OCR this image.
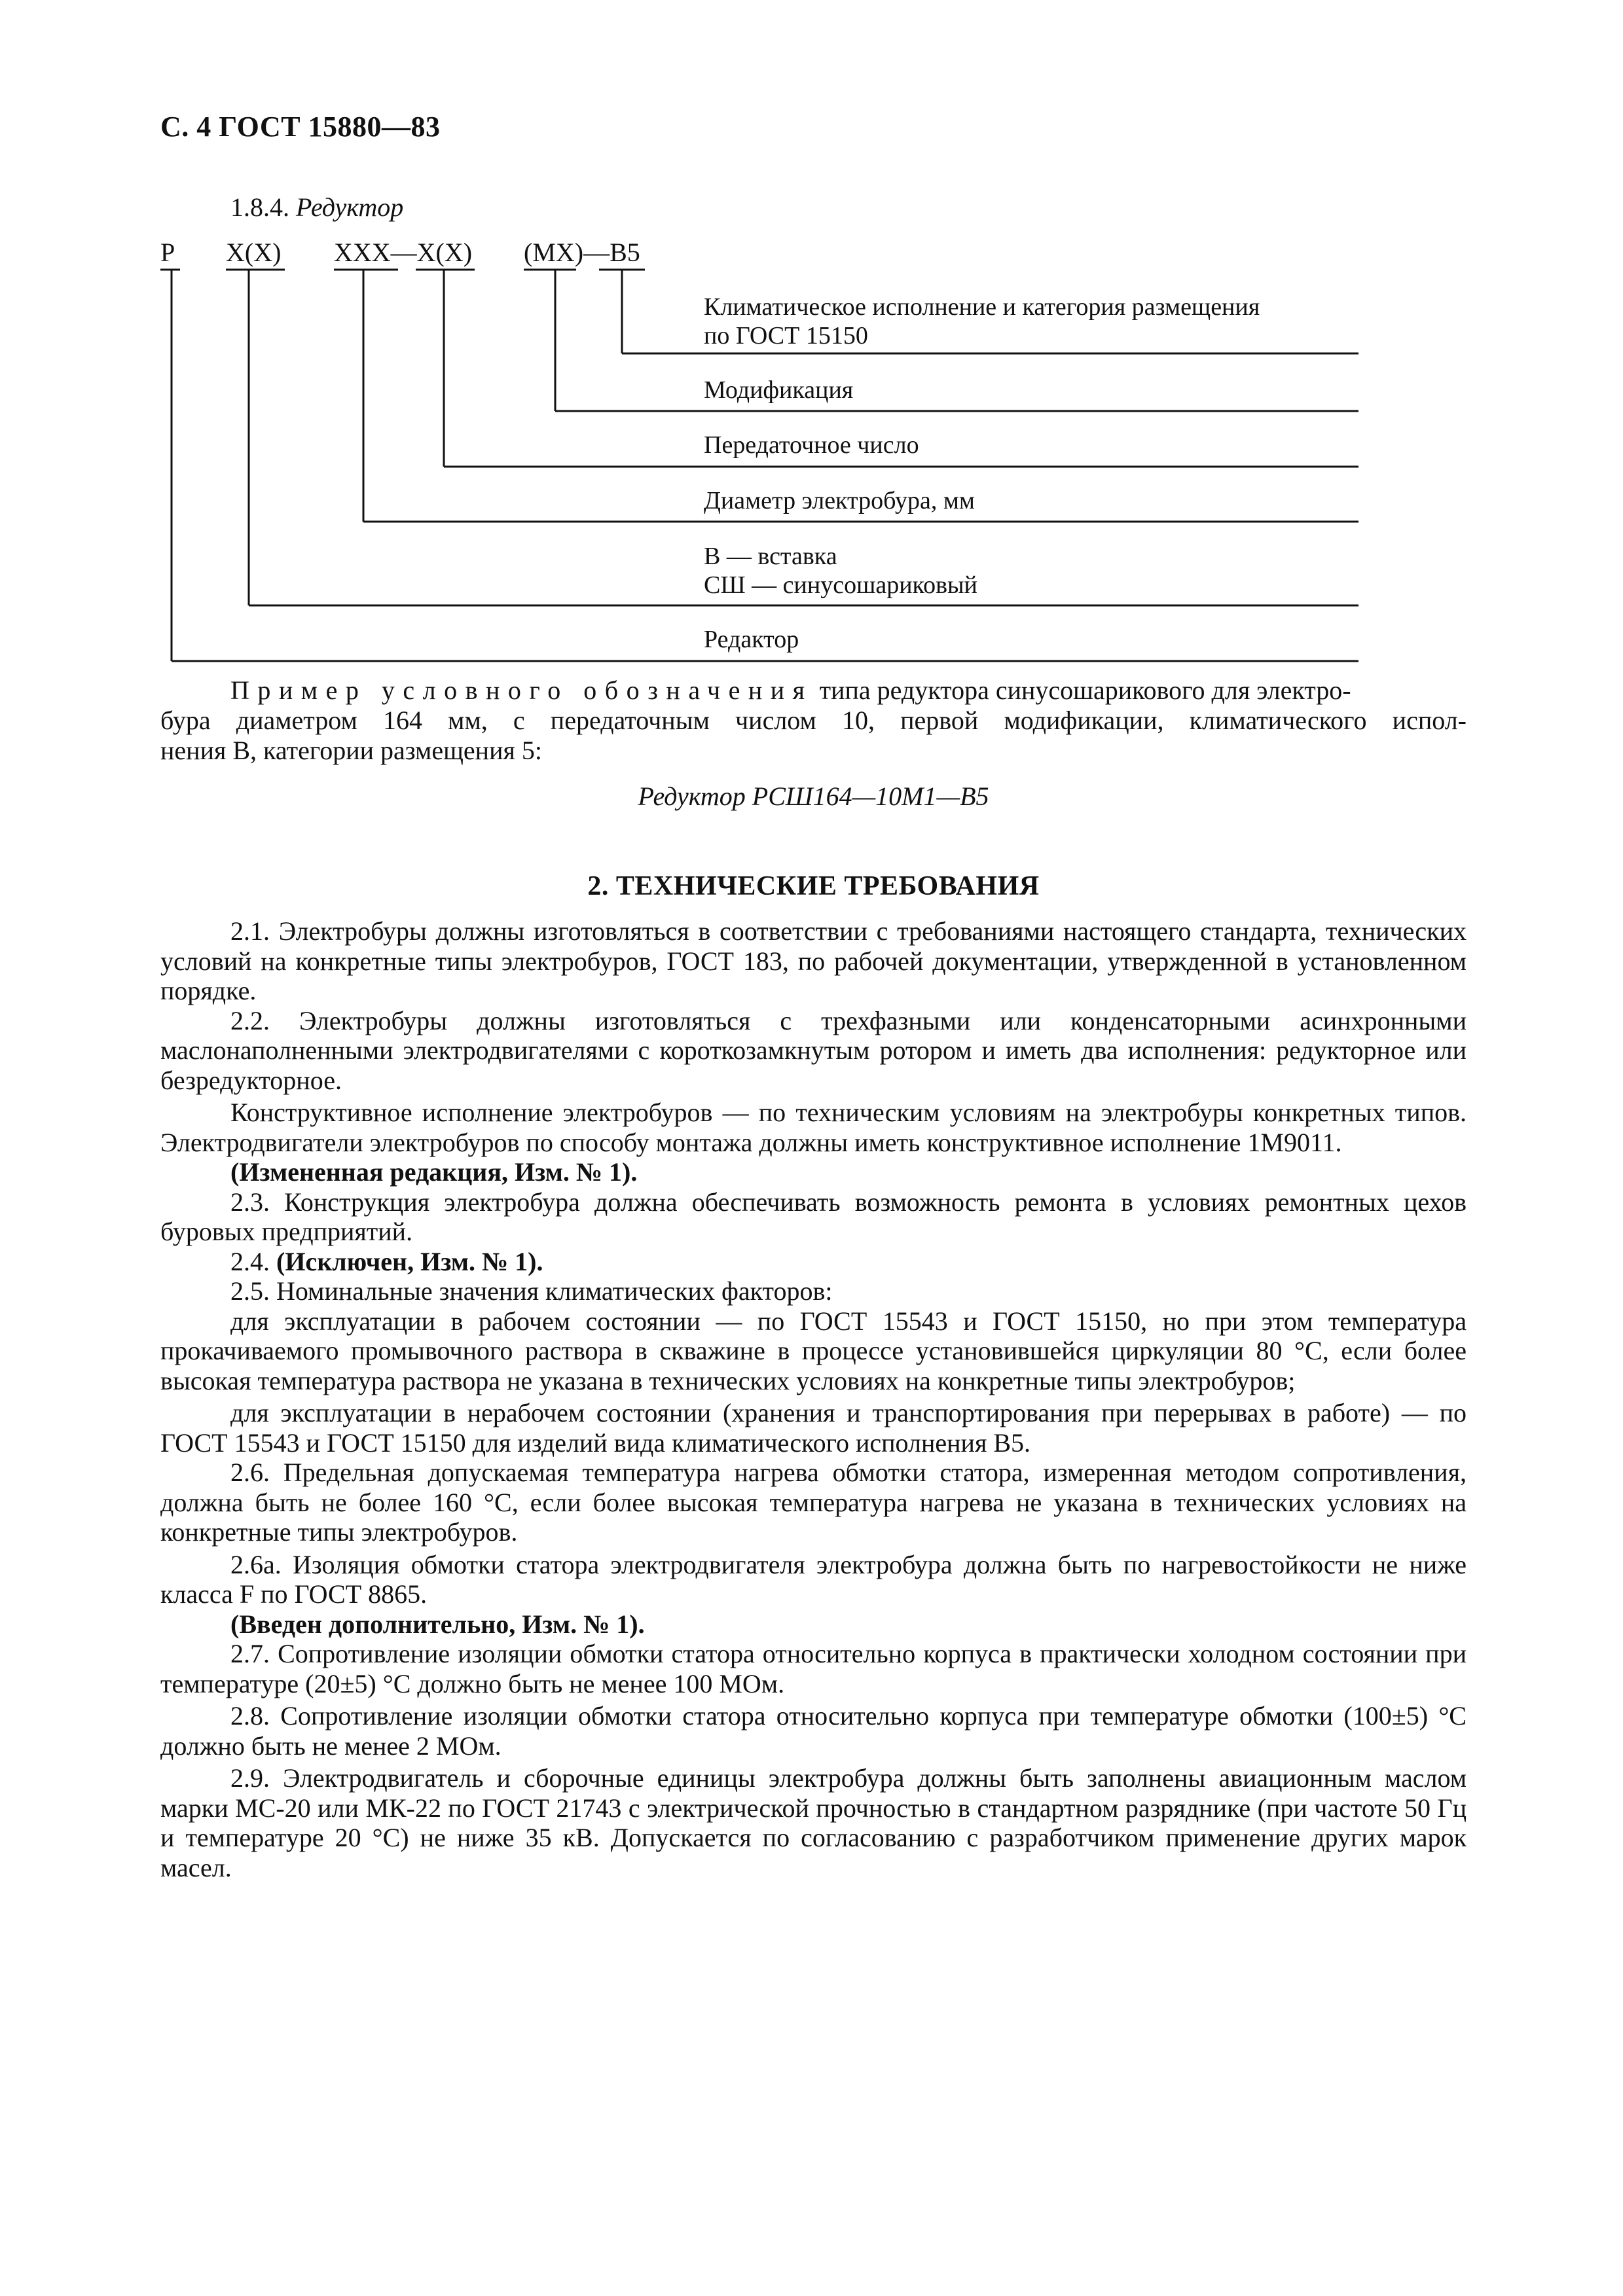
С. 4 ГОСТ 15880—83
1.8.4. Редуктор
Р Х(Х) ХХХ—Х(Х) (МХ)—В5
Климатическое исполнение и категория размещения
по ГОСТ 15150
Модификация
Передаточное число
Диаметр электробура, мм
В — вставка
СШ — синусошариковый
Редактор
Пример условного обозначения типа редуктора синусошарикового для электро-
бура диаметром 164 мм, с передаточным числом 10, первой модификации, климатического испол-
нения В, категории размещения 5:
Редуктор РСШ164—10М1—В5
2. ТЕХНИЧЕСКИЕ ТРЕБОВАНИЯ

2.1. Электробуры должны изготовляться в соответствии с требованиями настоящего стандарта, технических условий на конкретные типы электробуров, ГОСТ 183, по рабочей документации, утвержденной в установленном порядке.

2.2. Электробуры должны изготовляться с трехфазными или конденсаторными асинхронными маслонаполненными электродвигателями с короткозамкнутым ротором и иметь два исполнения: редукторное или безредукторное.

Конструктивное исполнение электробуров — по техническим условиям на электробуры конкретных типов. Электродвигатели электробуров по способу монтажа должны иметь конструктивное исполнение 1М9011.

(Измененная редакция, Изм. № 1).

2.3. Конструкция электробура должна обеспечивать возможность ремонта в условиях ремонтных цехов буровых предприятий.

2.4. (Исключен, Изм. № 1).

2.5. Номинальные значения климатических факторов:

для эксплуатации в рабочем состоянии — по ГОСТ 15543 и ГОСТ 15150, но при этом температура прокачиваемого промывочного раствора в скважине в процессе установившейся циркуляции 80 °С, если более высокая температура раствора не указана в технических условиях на конкретные типы электробуров;

для эксплуатации в нерабочем состоянии (хранения и транспортирования при перерывах в работе) — по ГОСТ 15543 и ГОСТ 15150 для изделий вида климатического исполнения В5.

2.6. Предельная допускаемая температура нагрева обмотки статора, измеренная методом сопротивления, должна быть не более 160 °С, если более высокая температура нагрева не указана в технических условиях на конкретные типы электробуров.

2.6а. Изоляция обмотки статора электродвигателя электробура должна быть по нагревостойкости не ниже класса F по ГОСТ 8865.

(Введен дополнительно, Изм. № 1).

2.7. Сопротивление изоляции обмотки статора относительно корпуса в практически холодном состоянии при температуре (20±5) °С должно быть не менее 100 МОм.

2.8. Сопротивление изоляции обмотки статора относительно корпуса при температуре обмотки (100±5) °С должно быть не менее 2 МОм.

2.9. Электродвигатель и сборочные единицы электробура должны быть заполнены авиационным маслом марки МС-20 или МК-22 по ГОСТ 21743 с электрической прочностью в стандартном разряднике (при частоте 50 Гц и температуре 20 °С) не ниже 35 кВ. Допускается по согласованию с разработчиком применение других марок масел.
